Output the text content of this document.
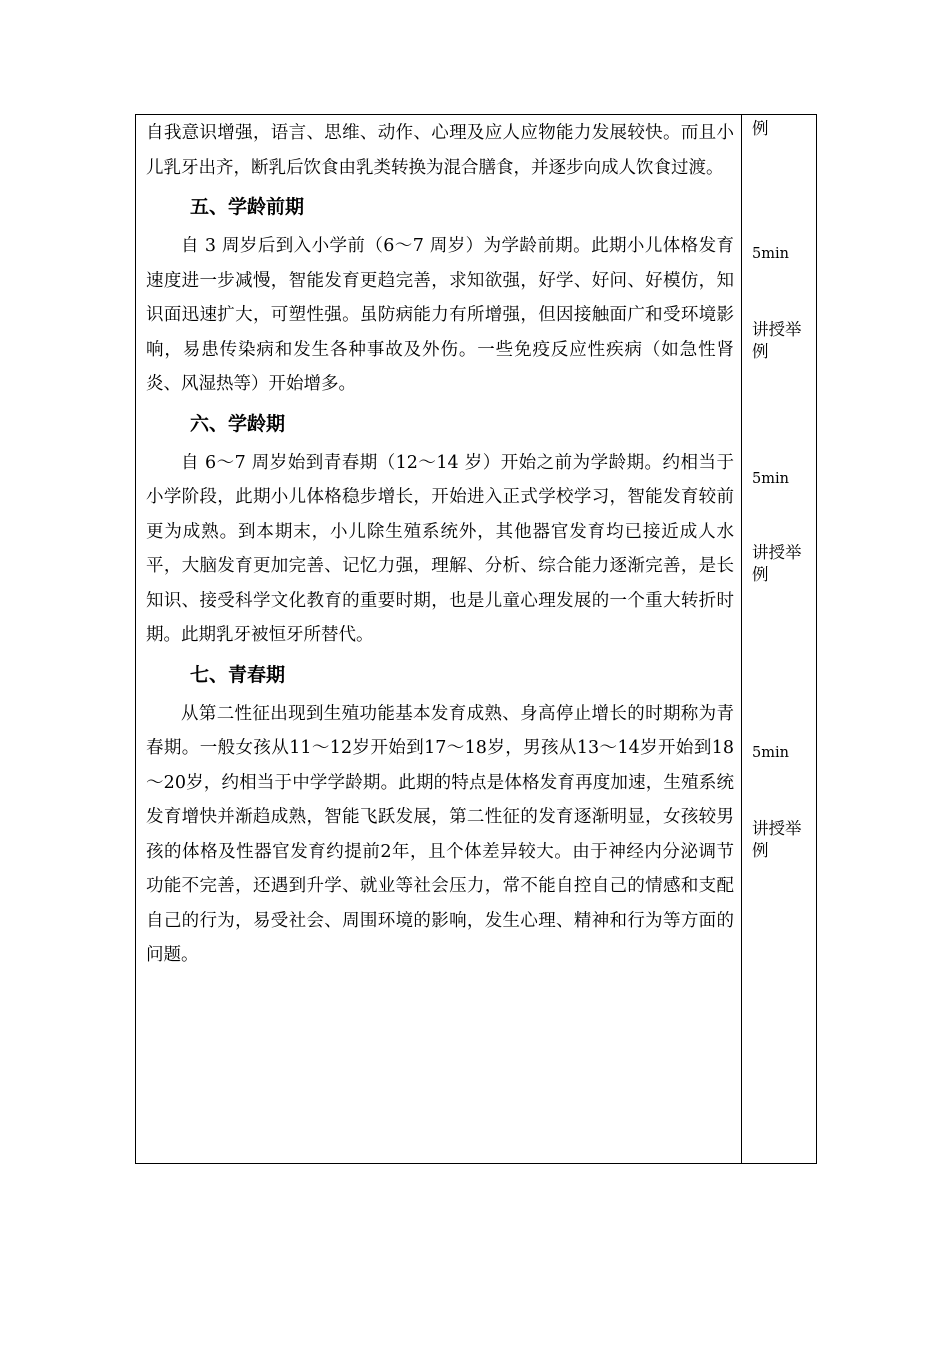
自我意识增强，语言、思维、动作、心理及应人应物能力发展较快。而且小儿乳牙出齐，断乳后饮食由乳类转换为混合膳食，并逐步向成人饮食过渡。

五、学龄前期

自 3 周岁后到入小学前（6～7 周岁）为学龄前期。此期小儿体格发育速度进一步减慢，智能发育更趋完善，求知欲强，好学、好问、好模仿，知识面迅速扩大，可塑性强。虽防病能力有所增强，但因接触面广和受环境影响，易患传染病和发生各种事故及外伤。一些免疫反应性疾病（如急性肾炎、风湿热等）开始增多。

六、学龄期

自 6～7 周岁始到青春期（12～14 岁）开始之前为学龄期。约相当于小学阶段，此期小儿体格稳步增长，开始进入正式学校学习，智能发育较前更为成熟。到本期末，小儿除生殖系统外，其他器官发育均已接近成人水平，大脑发育更加完善、记忆力强，理解、分析、综合能力逐渐完善，是长知识、接受科学文化教育的重要时期，也是儿童心理发展的一个重大转折时期。此期乳牙被恒牙所替代。

七、青春期

从第二性征出现到生殖功能基本发育成熟、身高停止增长的时期称为青春期。一般女孩从11～12岁开始到17～18岁，男孩从13～14岁开始到18～20岁，约相当于中学学龄期。此期的特点是体格发育再度加速，生殖系统发育增快并渐趋成熟，智能飞跃发展，第二性征的发育逐渐明显，女孩较男孩的体格及性器官发育约提前2年，且个体差异较大。由于神经内分泌调节功能不完善，还遇到升学、就业等社会压力，常不能自控自己的情感和支配自己的行为，易受社会、周围环境的影响，发生心理、精神和行为等方面的问题。

例
5min
讲授举例
5min
讲授举例
5min
讲授举例
